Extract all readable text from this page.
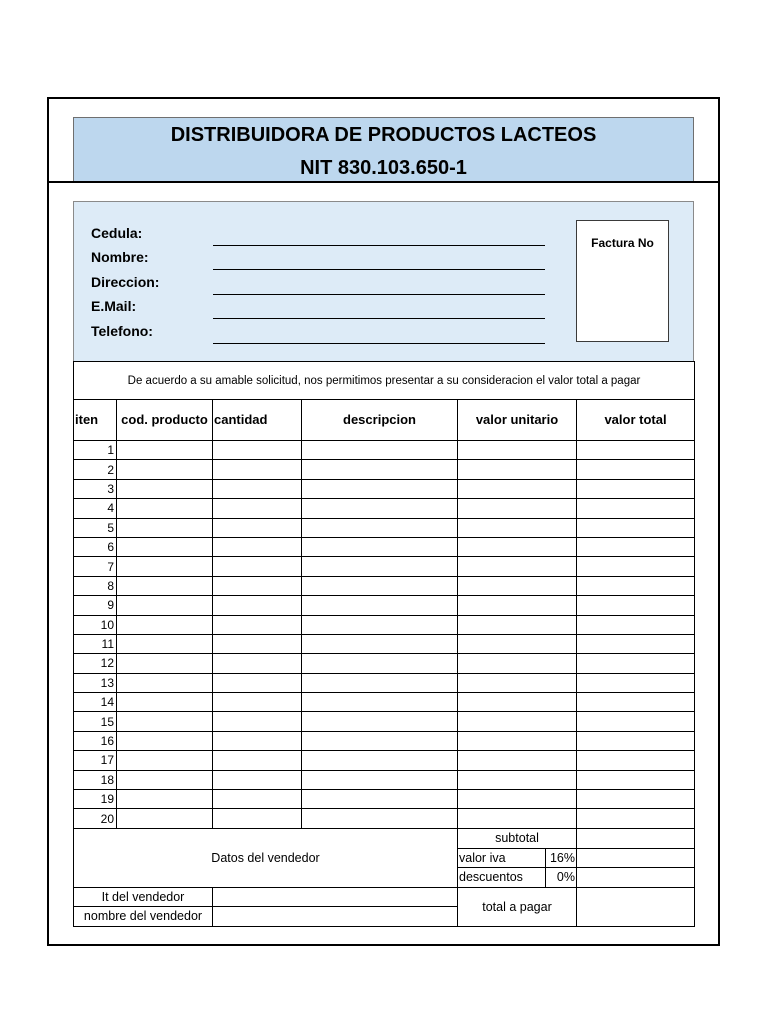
DISTRIBUIDORA DE PRODUCTOS LACTEOS
NIT 830.103.650-1
Cedula:
Nombre:
Direccion:
E.Mail:
Telefono:
Factura No
De acuerdo a su amable solicitud, nos permitimos presentar a su consideracion el valor total a pagar						
iten	cod. producto	cantidad	descripcion	valor unitario		valor total
1						
2						
3						
4						
5						
6						
7						
8						
9						
10						
11						
12						
13						
14						
15						
16						
17						
18						
19						
20						
Datos del vendedor				subtotal		
				valor iva	16%	
				descuentos	0%	
It del vendedor				total a pagar		
nombre del vendedor						
